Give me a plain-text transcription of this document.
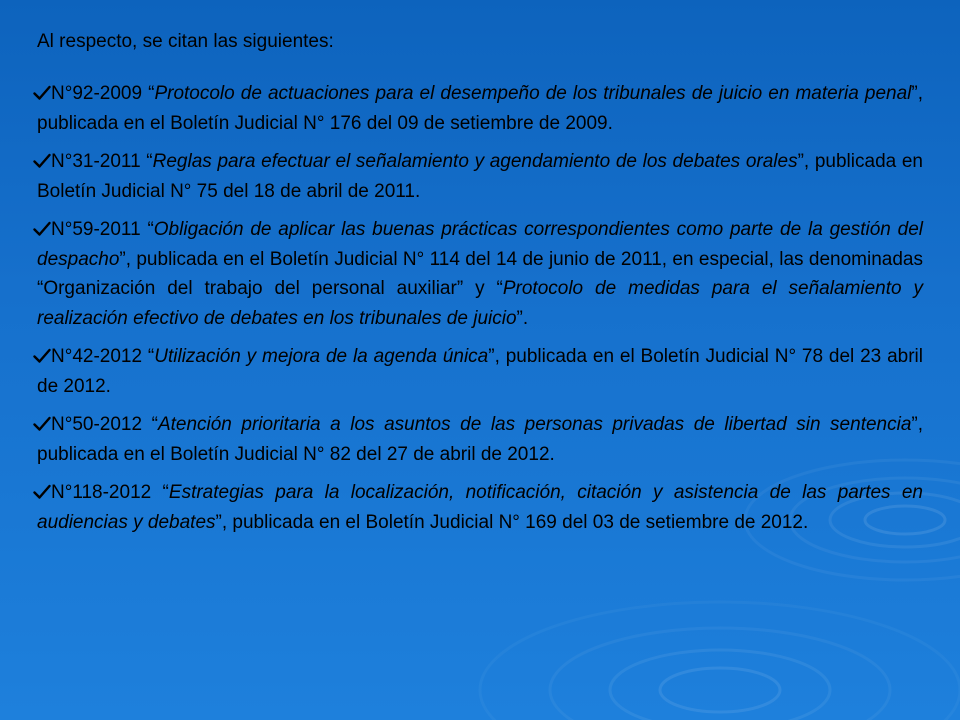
Al respecto, se citan las siguientes:

N°92-2009 “Protocolo de actuaciones para el desempeño de los tribunales de juicio en materia penal”, publicada en el Boletín Judicial N° 176 del 09 de setiembre de 2009.
N°31-2011 “Reglas para efectuar el señalamiento y agendamiento de los debates orales”, publicada en Boletín Judicial N° 75 del 18 de abril de 2011.
N°59-2011 “Obligación de aplicar las buenas prácticas correspondientes como parte de la gestión del despacho”, publicada en el Boletín Judicial N° 114 del 14 de junio de 2011, en especial, las denominadas “Organización del trabajo del personal auxiliar” y “Protocolo de medidas para el señalamiento y realización efectivo de debates en los tribunales de juicio”.
N°42-2012 “Utilización y mejora de la agenda única”, publicada en el Boletín Judicial N° 78 del 23 abril de 2012.
N°50-2012 “Atención prioritaria a los asuntos de las personas privadas de libertad sin sentencia”, publicada en el Boletín Judicial N° 82 del 27 de abril de 2012.
N°118-2012 “Estrategias para la localización, notificación, citación y asistencia de las partes en audiencias y debates”, publicada en el Boletín Judicial N° 169 del 03 de setiembre de 2012.
